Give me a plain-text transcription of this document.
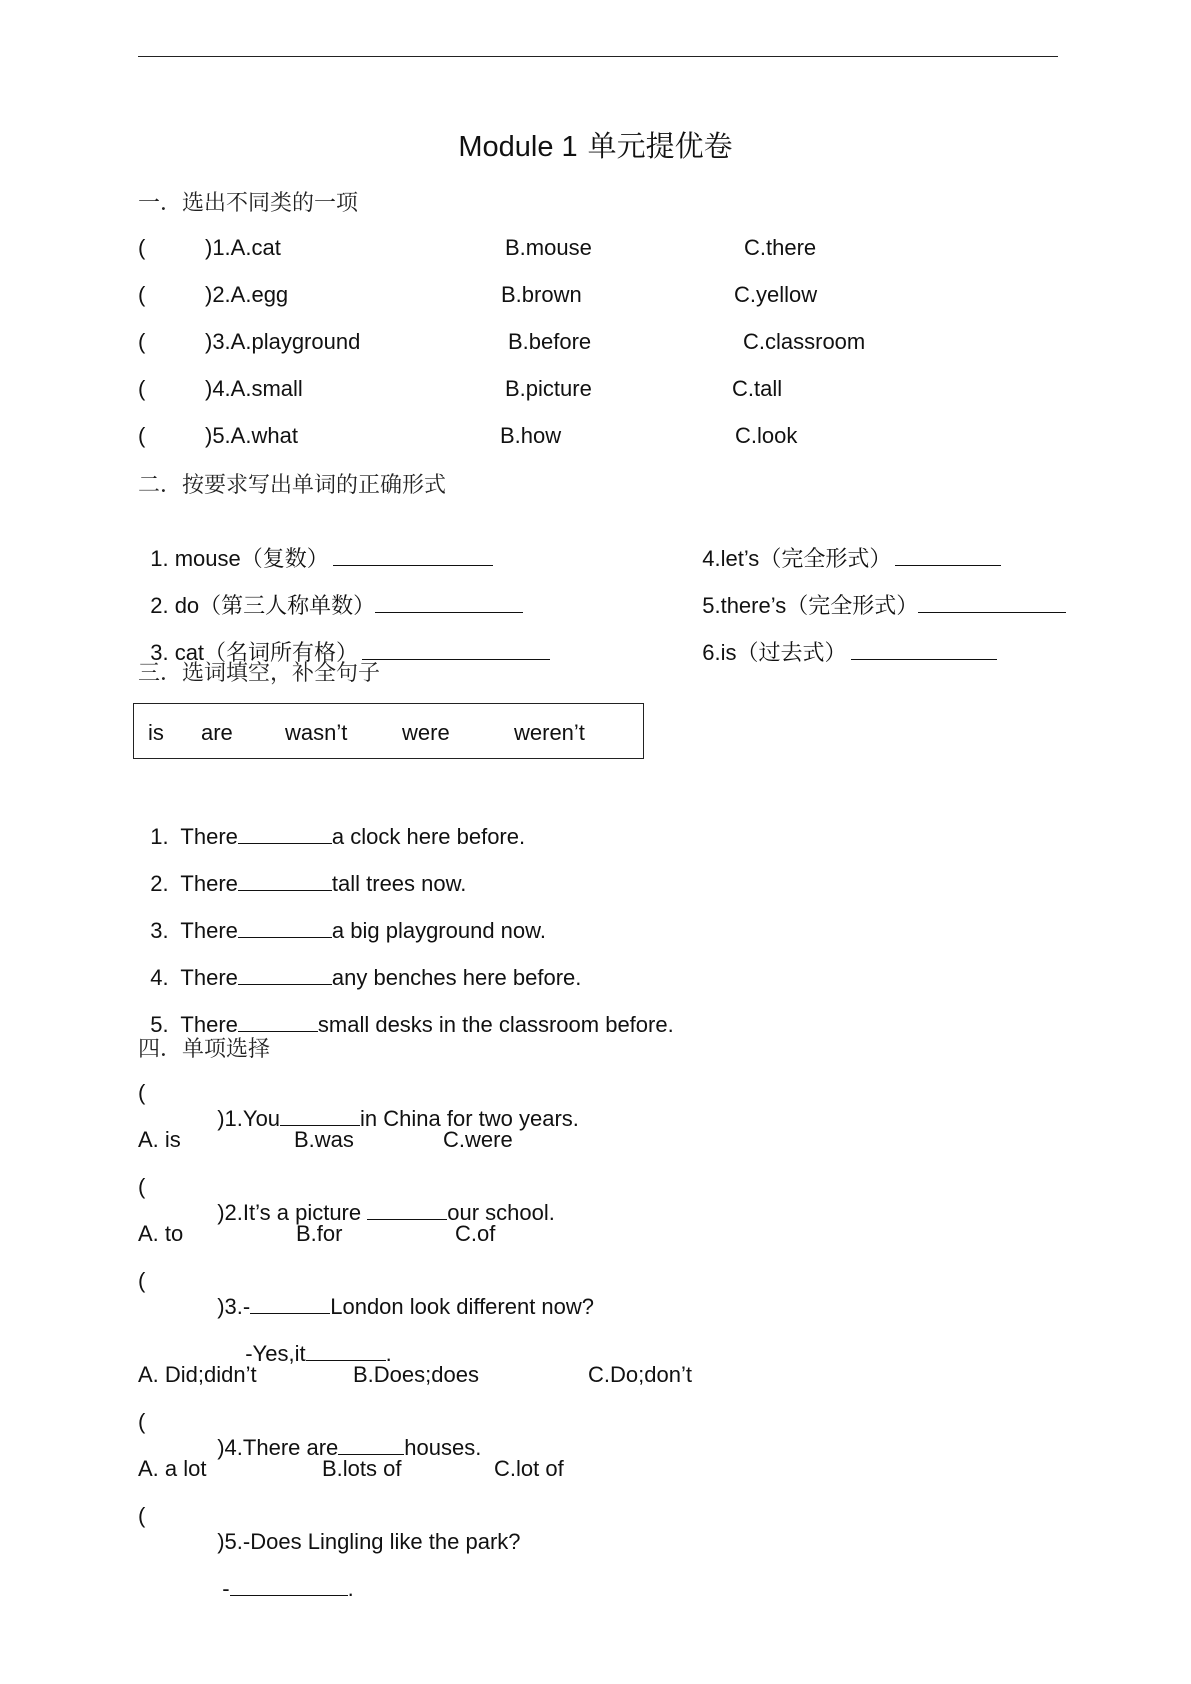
Module 1 单元提优卷
一．选出不同类的一项
(	)1.A.cat	B.mouse	C.there
(	)2.A.egg	B.brown	C.yellow
(	)3.A.playground	B.before	C.classroom
(	)4.A.small	B.picture	C.tall
(	)5.A.what	B.how	C.look
二．按要求写出单词的正确形式

1. mouse（复数）

2. do（第三人称单数）

3. cat（名词所有格）

4.let’s（完全形式）

5.there’s（完全形式）

6.is（过去式）

三．选词填空，补全句子
is are wasn’t were	weren’t

1.  There	a clock here before.

2.  There	tall trees now.

3.  There	a big playground now.

4.  There	any benches here before.

5.  There	small desks in the classroom before.

四．单项选择
(

)1.You	in China for two years.

A. is	B.was	C.were
(

)2.It’s a picture	our school.

A. to	B.for	C.of
(

)3.-	London look different now?

-Yes,it	.

A. Did;didn’t	B.Does;does	C.Do;don’t
(

)4.There are	houses.

A. a lot	B.lots of	C.lot of
(

)5.-Does Lingling like the park?

-	.
